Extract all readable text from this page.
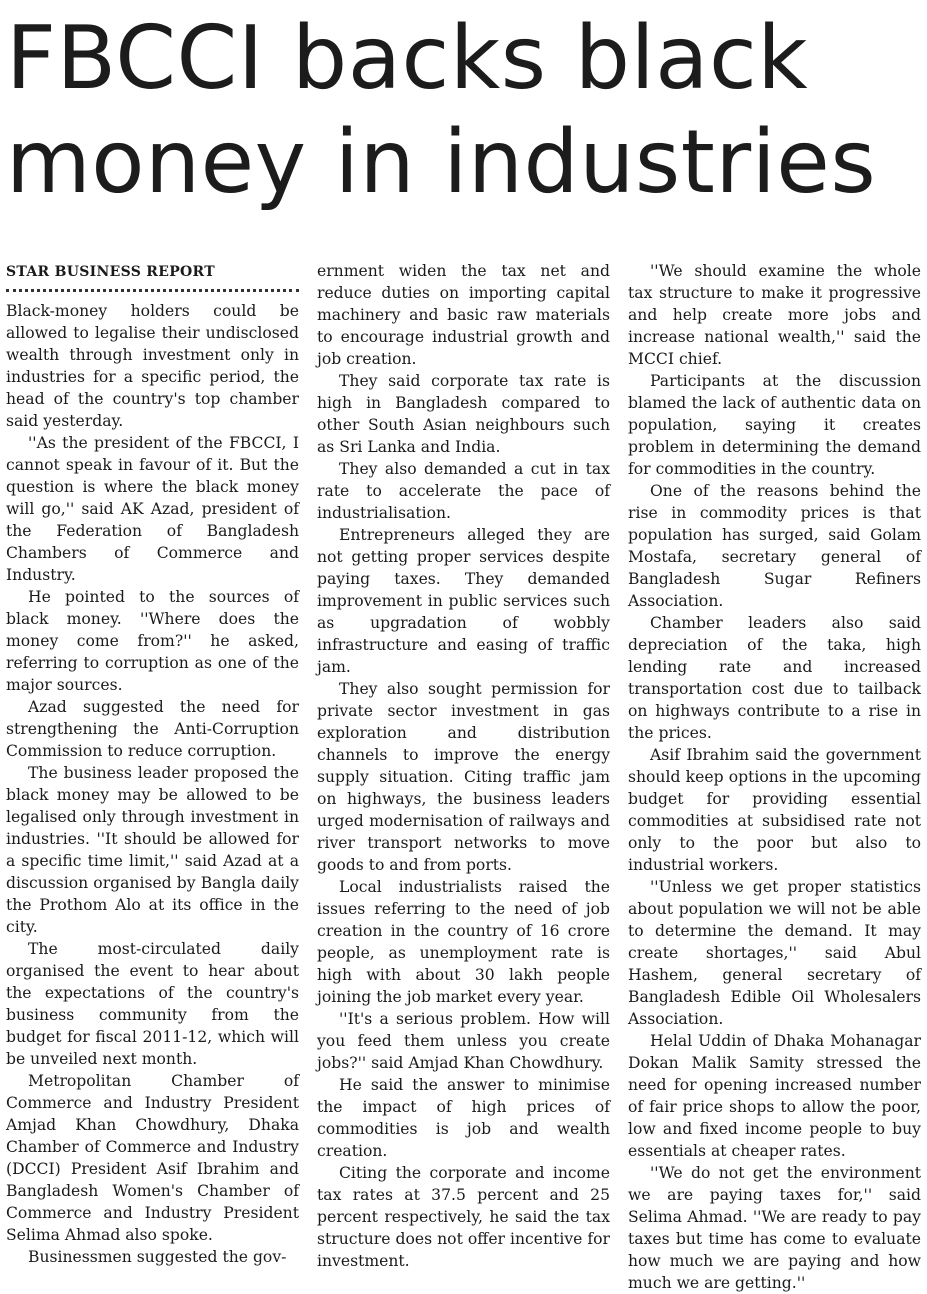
FBCCI backs black
money in industries
STAR BUSINESS REPORT

Black-money holders could be allowed to legalise their undisclosed wealth through investment only in industries for a specific period, the head of the country's top chamber said yesterday.

''As the president of the FBCCI, I cannot speak in favour of it. But the question is where the black money will go,'' said AK Azad, president of the Federation of Bangladesh Chambers of Commerce and Industry.

He pointed to the sources of black money. ''Where does the money come from?'' he asked, referring to corruption as one of the major sources.

Azad suggested the need for strengthening the Anti-Corruption Commission to reduce corruption.

The business leader proposed the black money may be allowed to be legalised only through investment in industries. ''It should be allowed for a specific time limit,'' said Azad at a discussion organised by Bangla daily the Prothom Alo at its office in the city.

The most-circulated daily organised the event to hear about the expectations of the country's business community from the budget for fiscal 2011-12, which will be unveiled next month.

Metropolitan Chamber of Commerce and Industry President Amjad Khan Chowdhury, Dhaka Chamber of Commerce and Industry (DCCI) President Asif Ibrahim and Bangladesh Women's Chamber of Commerce and Industry President Selima Ahmad also spoke.

Businessmen suggested the gov-

ernment widen the tax net and reduce duties on importing capital machinery and basic raw materials to encourage industrial growth and job creation.

They said corporate tax rate is high in Bangladesh compared to other South Asian neighbours such as Sri Lanka and India.

They also demanded a cut in tax rate to accelerate the pace of industrialisation.

Entrepreneurs alleged they are not getting proper services despite paying taxes. They demanded improvement in public services such as upgradation of wobbly infrastructure and easing of traffic jam.

They also sought permission for private sector investment in gas exploration and distribution channels to improve the energy supply situation. Citing traffic jam on highways, the business leaders urged modernisation of railways and river transport networks to move goods to and from ports.

Local industrialists raised the issues referring to the need of job creation in the country of 16 crore people, as unemployment rate is high with about 30 lakh people joining the job market every year.

''It's a serious problem. How will you feed them unless you create jobs?'' said Amjad Khan Chowdhury.

He said the answer to minimise the impact of high prices of commodities is job and wealth creation.

Citing the corporate and income tax rates at 37.5 percent and 25 percent respectively, he said the tax structure does not offer incentive for investment.

''We should examine the whole tax structure to make it progressive and help create more jobs and increase national wealth,'' said the MCCI chief.

Participants at the discussion blamed the lack of authentic data on population, saying it creates problem in determining the demand for commodities in the country.

One of the reasons behind the rise in commodity prices is that population has surged, said Golam Mostafa, secretary general of Bangladesh Sugar Refiners Association.

Chamber leaders also said depreciation of the taka, high lending rate and increased transportation cost due to tailback on highways contribute to a rise in the prices.

Asif Ibrahim said the government should keep options in the upcoming budget for providing essential commodities at subsidised rate not only to the poor but also to industrial workers.

''Unless we get proper statistics about population we will not be able to determine the demand. It may create shortages,'' said Abul Hashem, general secretary of Bangladesh Edible Oil Wholesalers Association.

Helal Uddin of Dhaka Mohanagar Dokan Malik Samity stressed the need for opening increased number of fair price shops to allow the poor, low and fixed income people to buy essentials at cheaper rates.

''We do not get the environment we are paying taxes for,'' said Selima Ahmad. ''We are ready to pay taxes but time has come to evaluate how much we are paying and how much we are getting.''
